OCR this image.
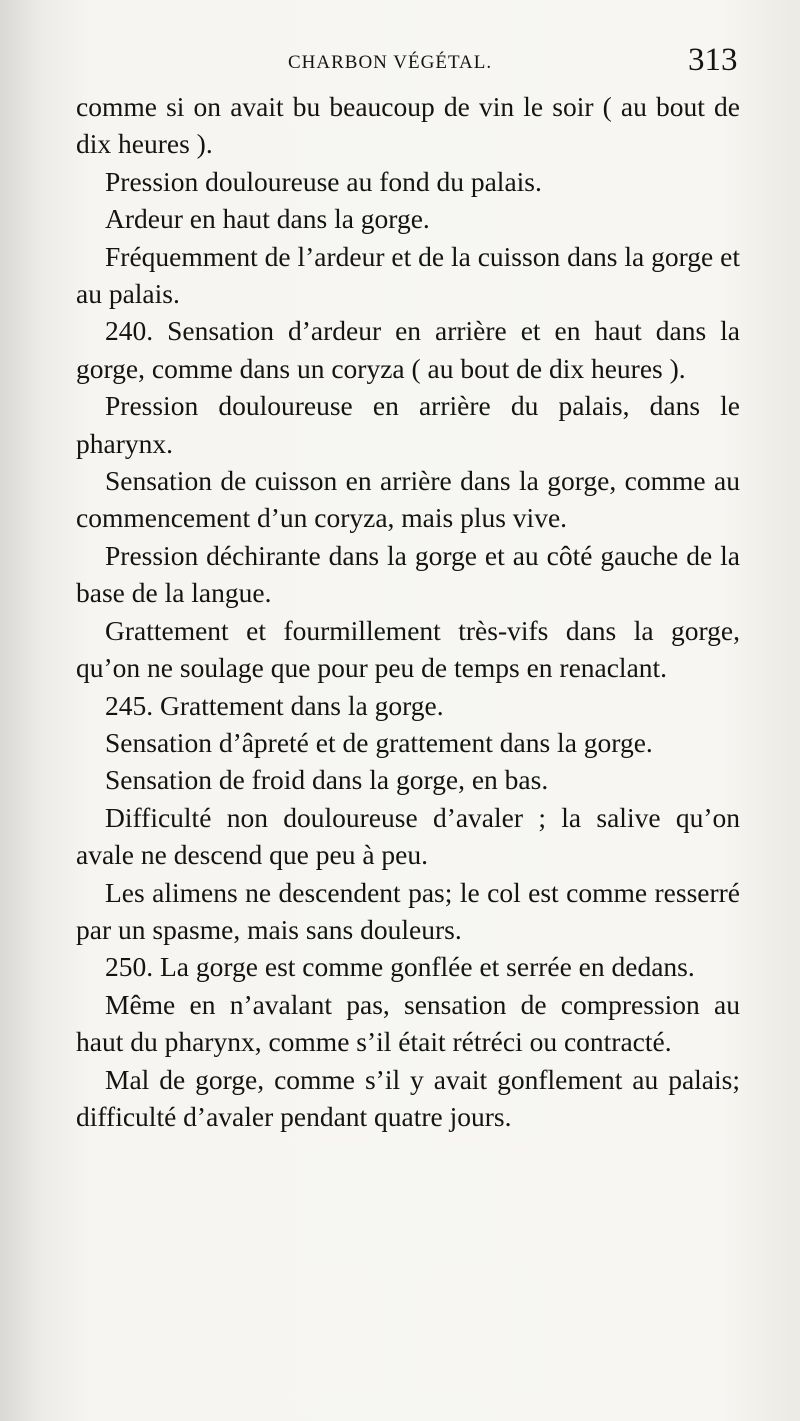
CHARBON VÉGÉTAL.	313

comme si on avait bu beaucoup de vin le soir ( au bout de dix heures ).

Pression douloureuse au fond du palais.

Ardeur en haut dans la gorge.

Fréquemment de l’ardeur et de la cuisson dans la gorge et au palais.

240. Sensation d’ardeur en arrière et en haut dans la gorge, comme dans un coryza ( au bout de dix heures ).

Pression douloureuse en arrière du palais, dans le pharynx.

Sensation de cuisson en arrière dans la gorge, comme au commencement d’un coryza, mais plus vive.

Pression déchirante dans la gorge et au côté gauche de la base de la langue.

Grattement et fourmillement très-vifs dans la gorge, qu’on ne soulage que pour peu de temps en renaclant.

245. Grattement dans la gorge.

Sensation d’âpreté et de grattement dans la gorge.

Sensation de froid dans la gorge, en bas.

Difficulté non douloureuse d’avaler ; la salive qu’on avale ne descend que peu à peu.

Les alimens ne descendent pas; le col est comme resserré par un spasme, mais sans douleurs.

250. La gorge est comme gonflée et serrée en dedans.

Même en n’avalant pas, sensation de compression au haut du pharynx, comme s’il était rétréci ou contracté.

Mal de gorge, comme s’il y avait gonflement au palais; difficulté d’avaler pendant quatre jours.
